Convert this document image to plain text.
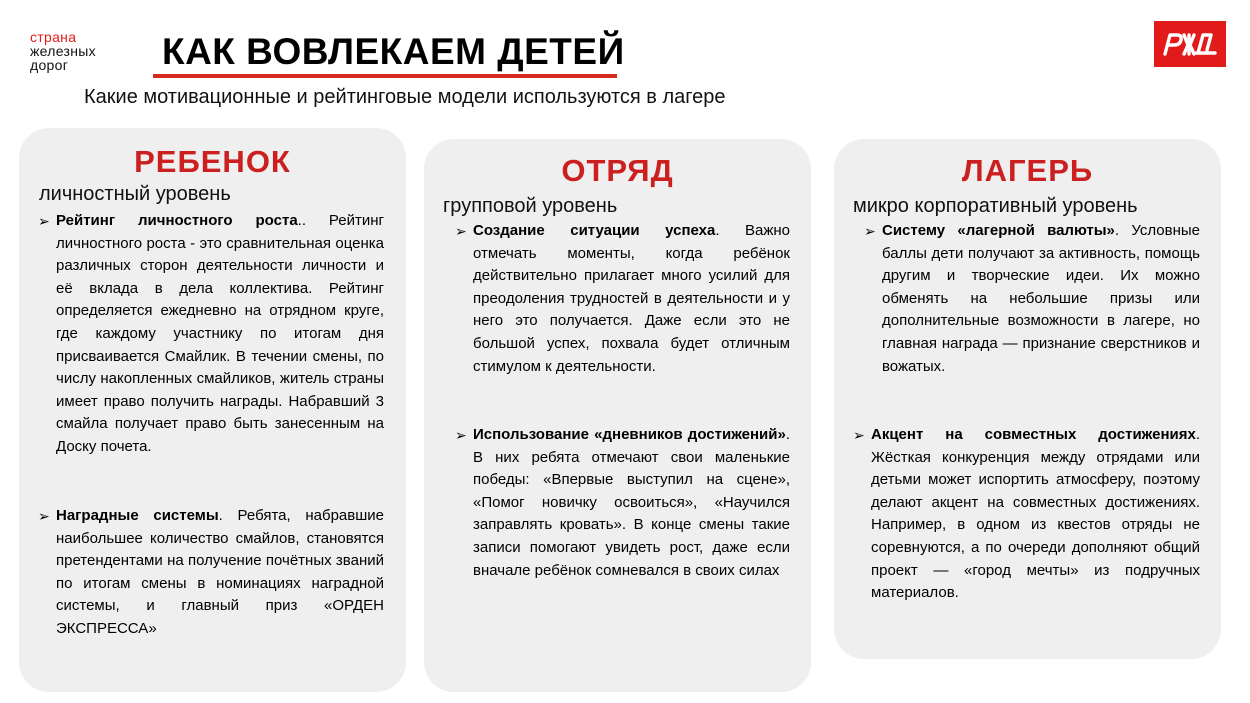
страна
железных
дорог	КАК ВОВЛЕКАЕМ ДЕТЕЙ
Какие мотивационные и рейтинговые модели используются в лагере
РЕБЕНОК
личностный уровень
➢ Рейтинг личностного роста.. Рейтинг личностного роста - это сравнительная оценка различных сторон деятельности личности и её вклада в дела коллектива. Рейтинг определяется ежедневно на отрядном круге, где каждому участнику по итогам дня присваивается Смайлик. В течении смены, по числу накопленных смайликов, житель страны имеет право получить награды. Набравший 3 смайла получает право быть занесенным на Доску почета.
➢ Наградные системы. Ребята, набравшие наибольшее количество смайлов, становятся претендентами на получение почётных званий по итогам смены в номинациях наградной системы, и главный приз «ОРДЕН ЭКСПРЕССА»
ОТРЯД
групповой уровень
➢ Создание ситуации успеха. Важно отмечать моменты, когда ребёнок действительно прилагает много усилий для преодоления трудностей в деятельности и у него это получается. Даже если это не большой успех, похвала будет отличным стимулом к деятельности.
➢ Использование «дневников достижений». В них ребята отмечают свои маленькие победы: «Впервые выступил на сцене», «Помог новичку освоиться», «Научился заправлять кровать». В конце смены такие записи помогают увидеть рост, даже если вначале ребёнок сомневался в своих силах
ЛАГЕРЬ
микро корпоративный уровень
➢ Систему «лагерной валюты». Условные баллы дети получают за активность, помощь другим и творческие идеи. Их можно обменять на небольшие призы или дополнительные возможности в лагере, но главная награда — признание сверстников и вожатых.
➢ Акцент на совместных достижениях. Жёсткая конкуренция между отрядами или детьми может испортить атмосферу, поэтому делают акцент на совместных достижениях. Например, в одном из квестов отряды не соревнуются, а по очереди дополняют общий проект — «город мечты» из подручных материалов.
